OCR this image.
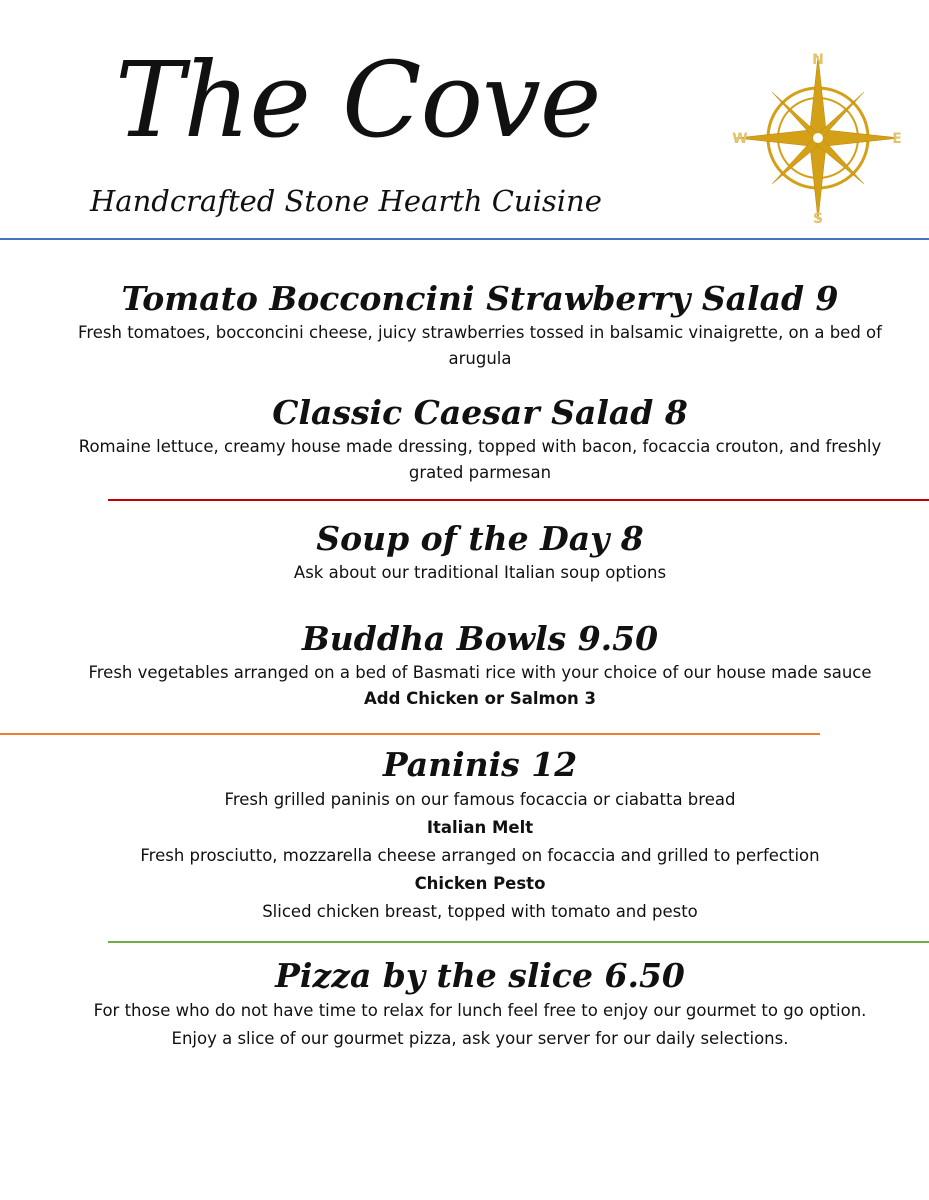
The Cove
Handcrafted Stone Hearth Cuisine
N
S
W	E
Tomato Bocconcini Strawberry Salad 9

Fresh tomatoes, bocconcini cheese, juicy strawberries tossed in balsamic vinaigrette, on a bed of arugula

Classic Caesar Salad 8

Romaine lettuce, creamy house made dressing, topped with bacon, focaccia crouton, and freshly grated parmesan

Soup of the Day 8

Ask about our traditional Italian soup options

Buddha Bowls 9.50

Fresh vegetables arranged on a bed of Basmati rice with your choice of our house made sauce

Add Chicken or Salmon 3

Paninis 12

Fresh grilled paninis on our famous focaccia or ciabatta bread

Italian Melt

Fresh prosciutto, mozzarella cheese arranged on focaccia and grilled to perfection

Chicken Pesto

Sliced chicken breast, topped with tomato and pesto

Pizza by the slice 6.50

For those who do not have time to relax for lunch feel free to enjoy our gourmet to go option.

Enjoy a slice of our gourmet pizza, ask your server for our daily selections.
